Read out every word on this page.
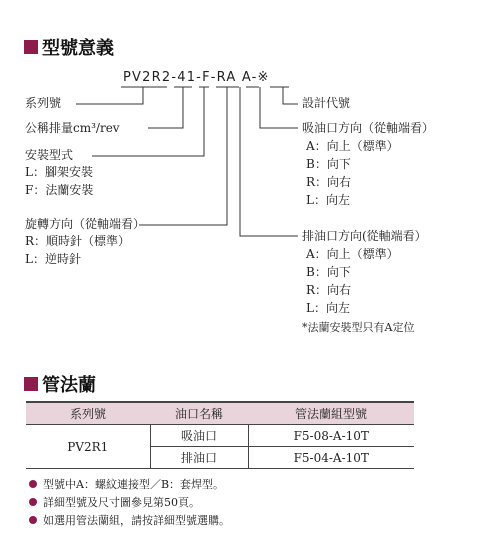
型號意義
PV2R2-41-F-RA A-※
系列號
公稱排量cm³/rev
安裝型式
L：腳架安裝
F：法蘭安裝
旋轉方向（從軸端看）
R：順時針（標準）
L：逆時針
設計代號
吸油口方向（從軸端看）
A：向上（標準）
B：向下
R：向右
L：向左
排油口方向(從軸端看）
A：向上（標準）
B：向下
R：向右
L：向左
*法蘭安裝型只有A定位
管法蘭
系列號	油口名稱	管法蘭組型號
PV2R1	吸油口	F5-08-A-10T
	排油口	F5-04-A-10T
型號中A：螺紋連接型／B：套焊型。
詳細型號及尺寸圖參見第50頁。
如選用管法蘭組，請按詳細型號選購。
